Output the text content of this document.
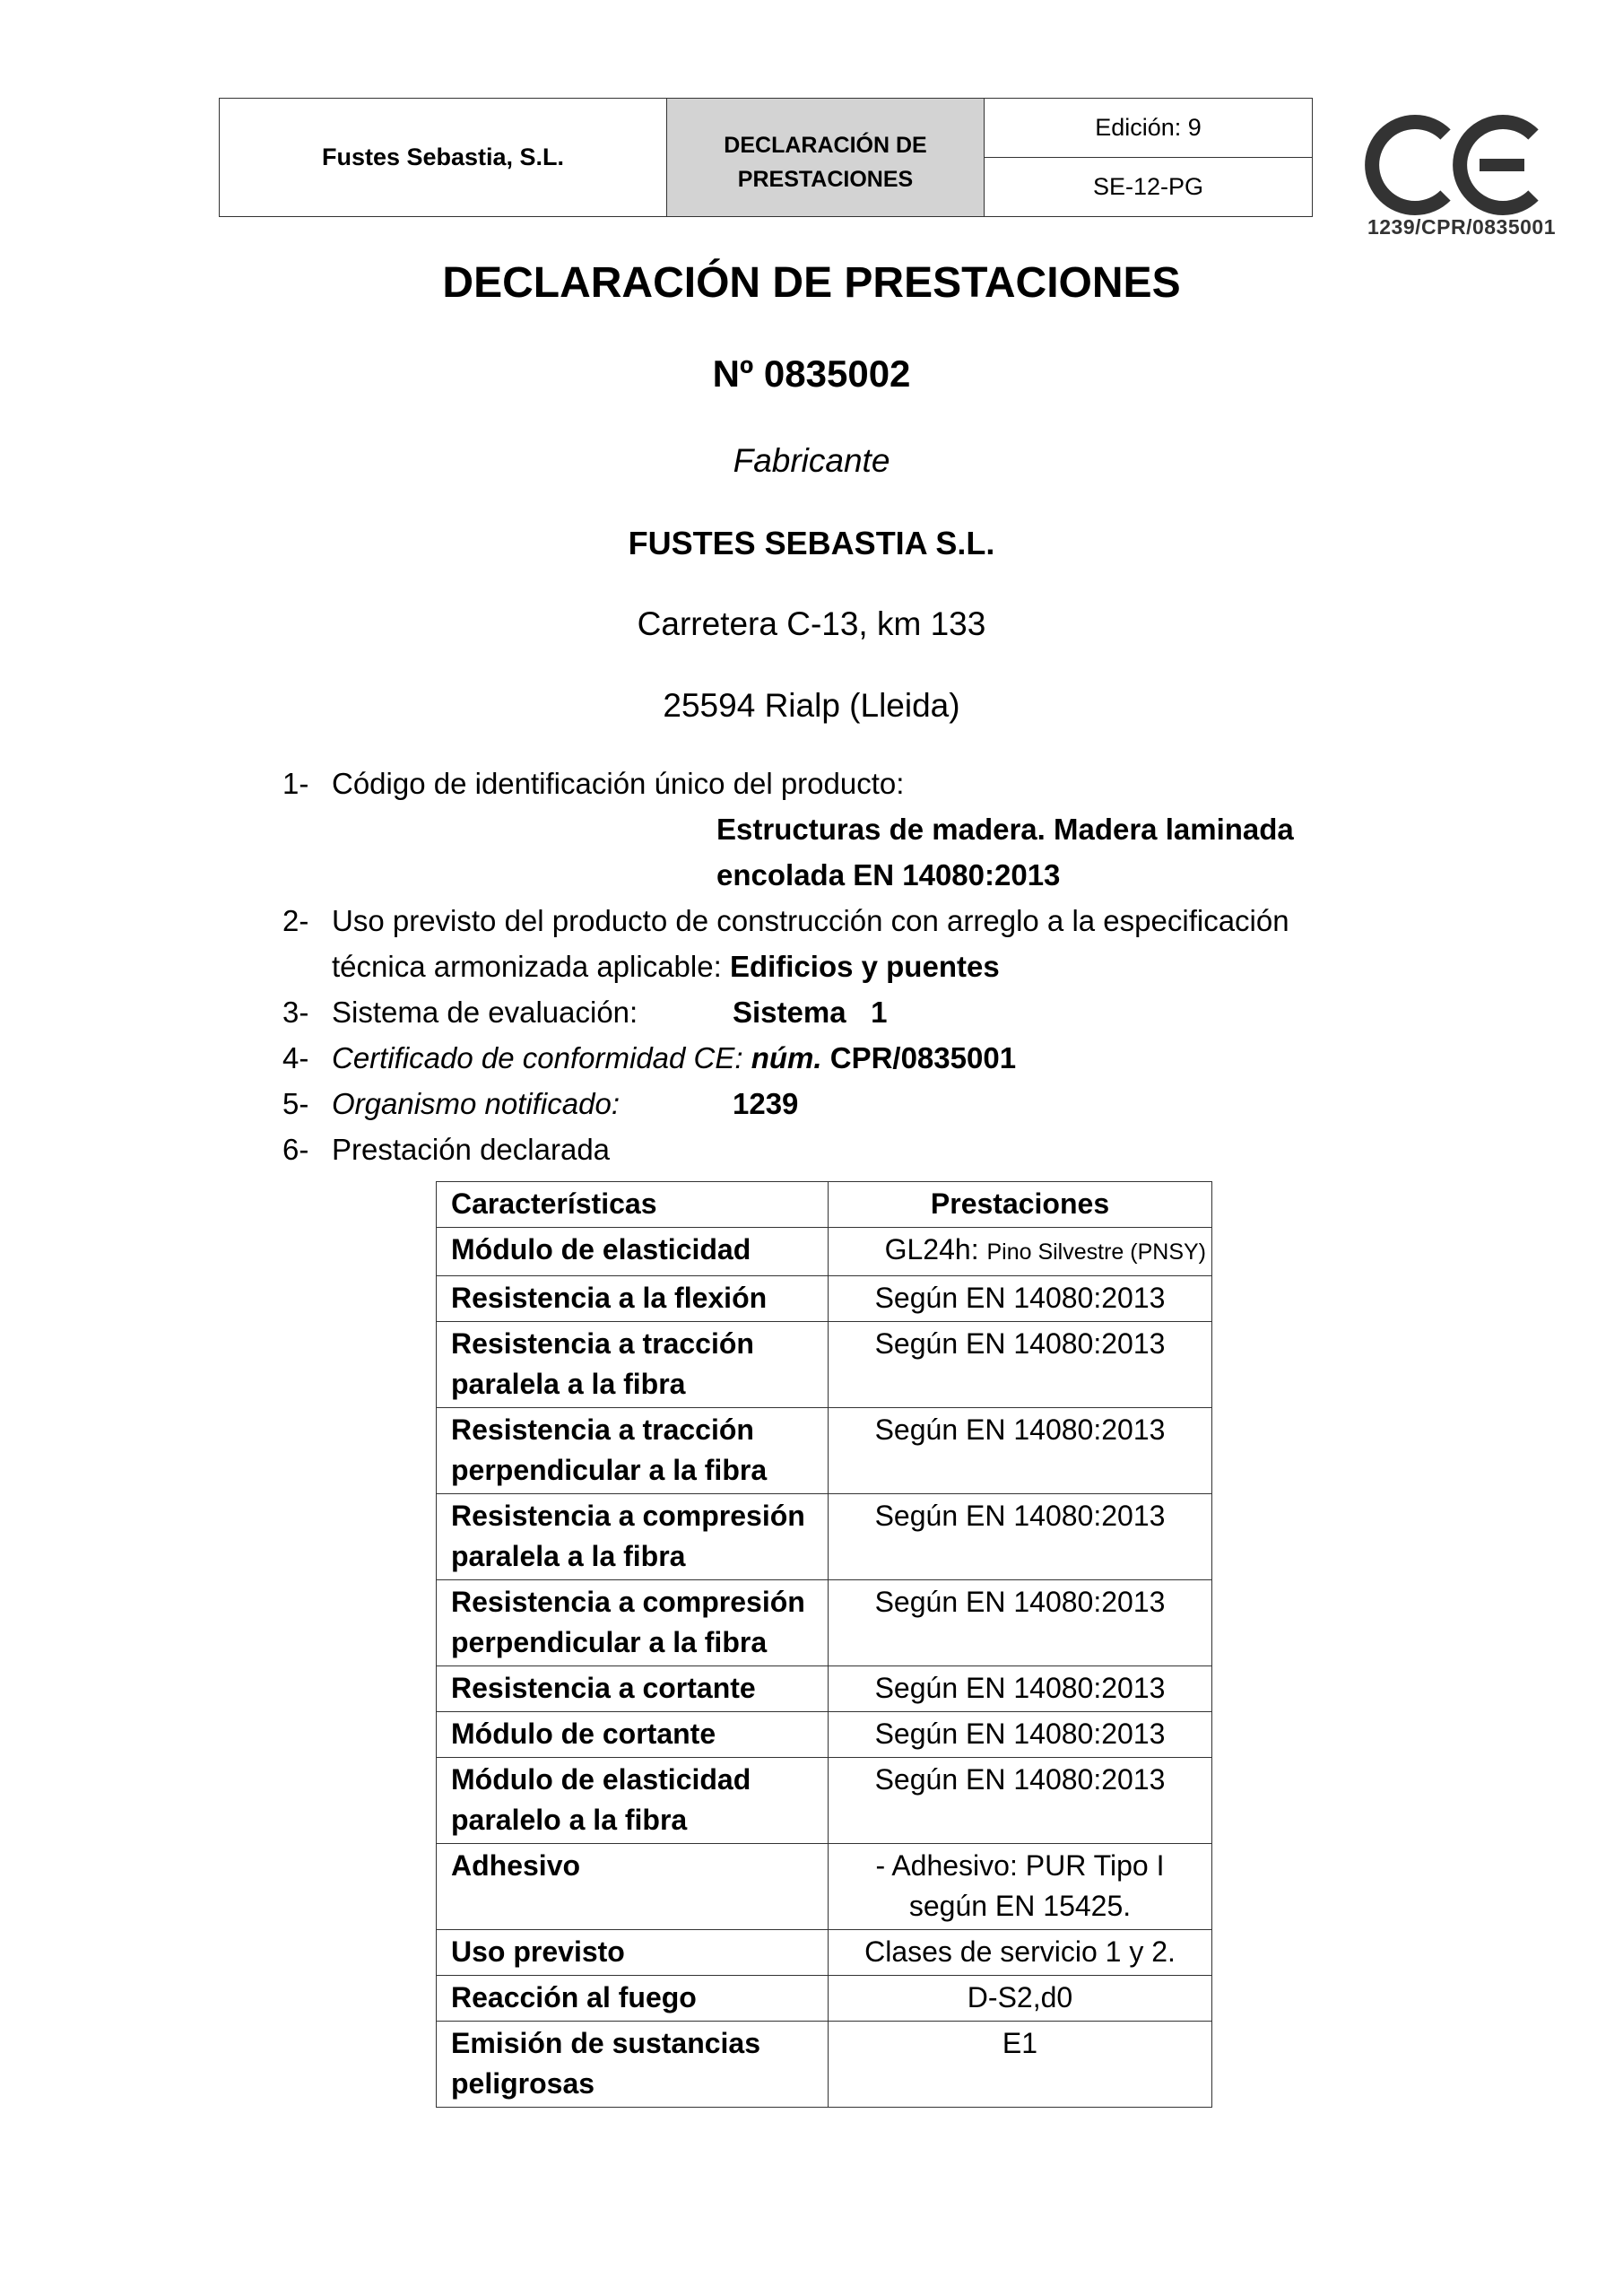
Fustes Sebastia, S.L.	DECLARACIÓN DE
PRESTACIONES
Edición: 9
SE-12-PG
1239/CPR/0835001
DECLARACIÓN DE PRESTACIONES
Nº 0835002
Fabricante
FUSTES SEBASTIA S.L.
Carretera C-13, km 133
25594 Rialp (Lleida)
1- Código de identificación único del producto:
Estructuras de madera. Madera laminada
encolada EN 14080:2013
2- Uso previsto del producto de construcción con arreglo a la especificación
técnica armonizada aplicable: Edificios y puentes
3- Sistema de evaluación:	Sistema   1
4- Certificado de conformidad CE: núm. CPR/0835001
5- Organismo notificado:	1239
6- Prestación declarada
Características	Prestaciones

Módulo de elasticidad	GL24h: Pino Silvestre (PNSY)

Resistencia a la flexión	Según EN 14080:2013

Resistencia a tracción
paralela a la fibra	Según EN 14080:2013

Resistencia a tracción
perpendicular a la fibra	Según EN 14080:2013

Resistencia a compresión
paralela a la fibra	Según EN 14080:2013

Resistencia a compresión
perpendicular a la fibra	Según EN 14080:2013

Resistencia a cortante	Según EN 14080:2013

Módulo de cortante	Según EN 14080:2013

Módulo de elasticidad
paralelo a la fibra	Según EN 14080:2013

Adhesivo	- Adhesivo: PUR Tipo I
según EN 15425.

Uso previsto	Clases de servicio 1 y 2.

Reacción al fuego	D-S2,d0

Emisión de sustancias
peligrosas	E1
